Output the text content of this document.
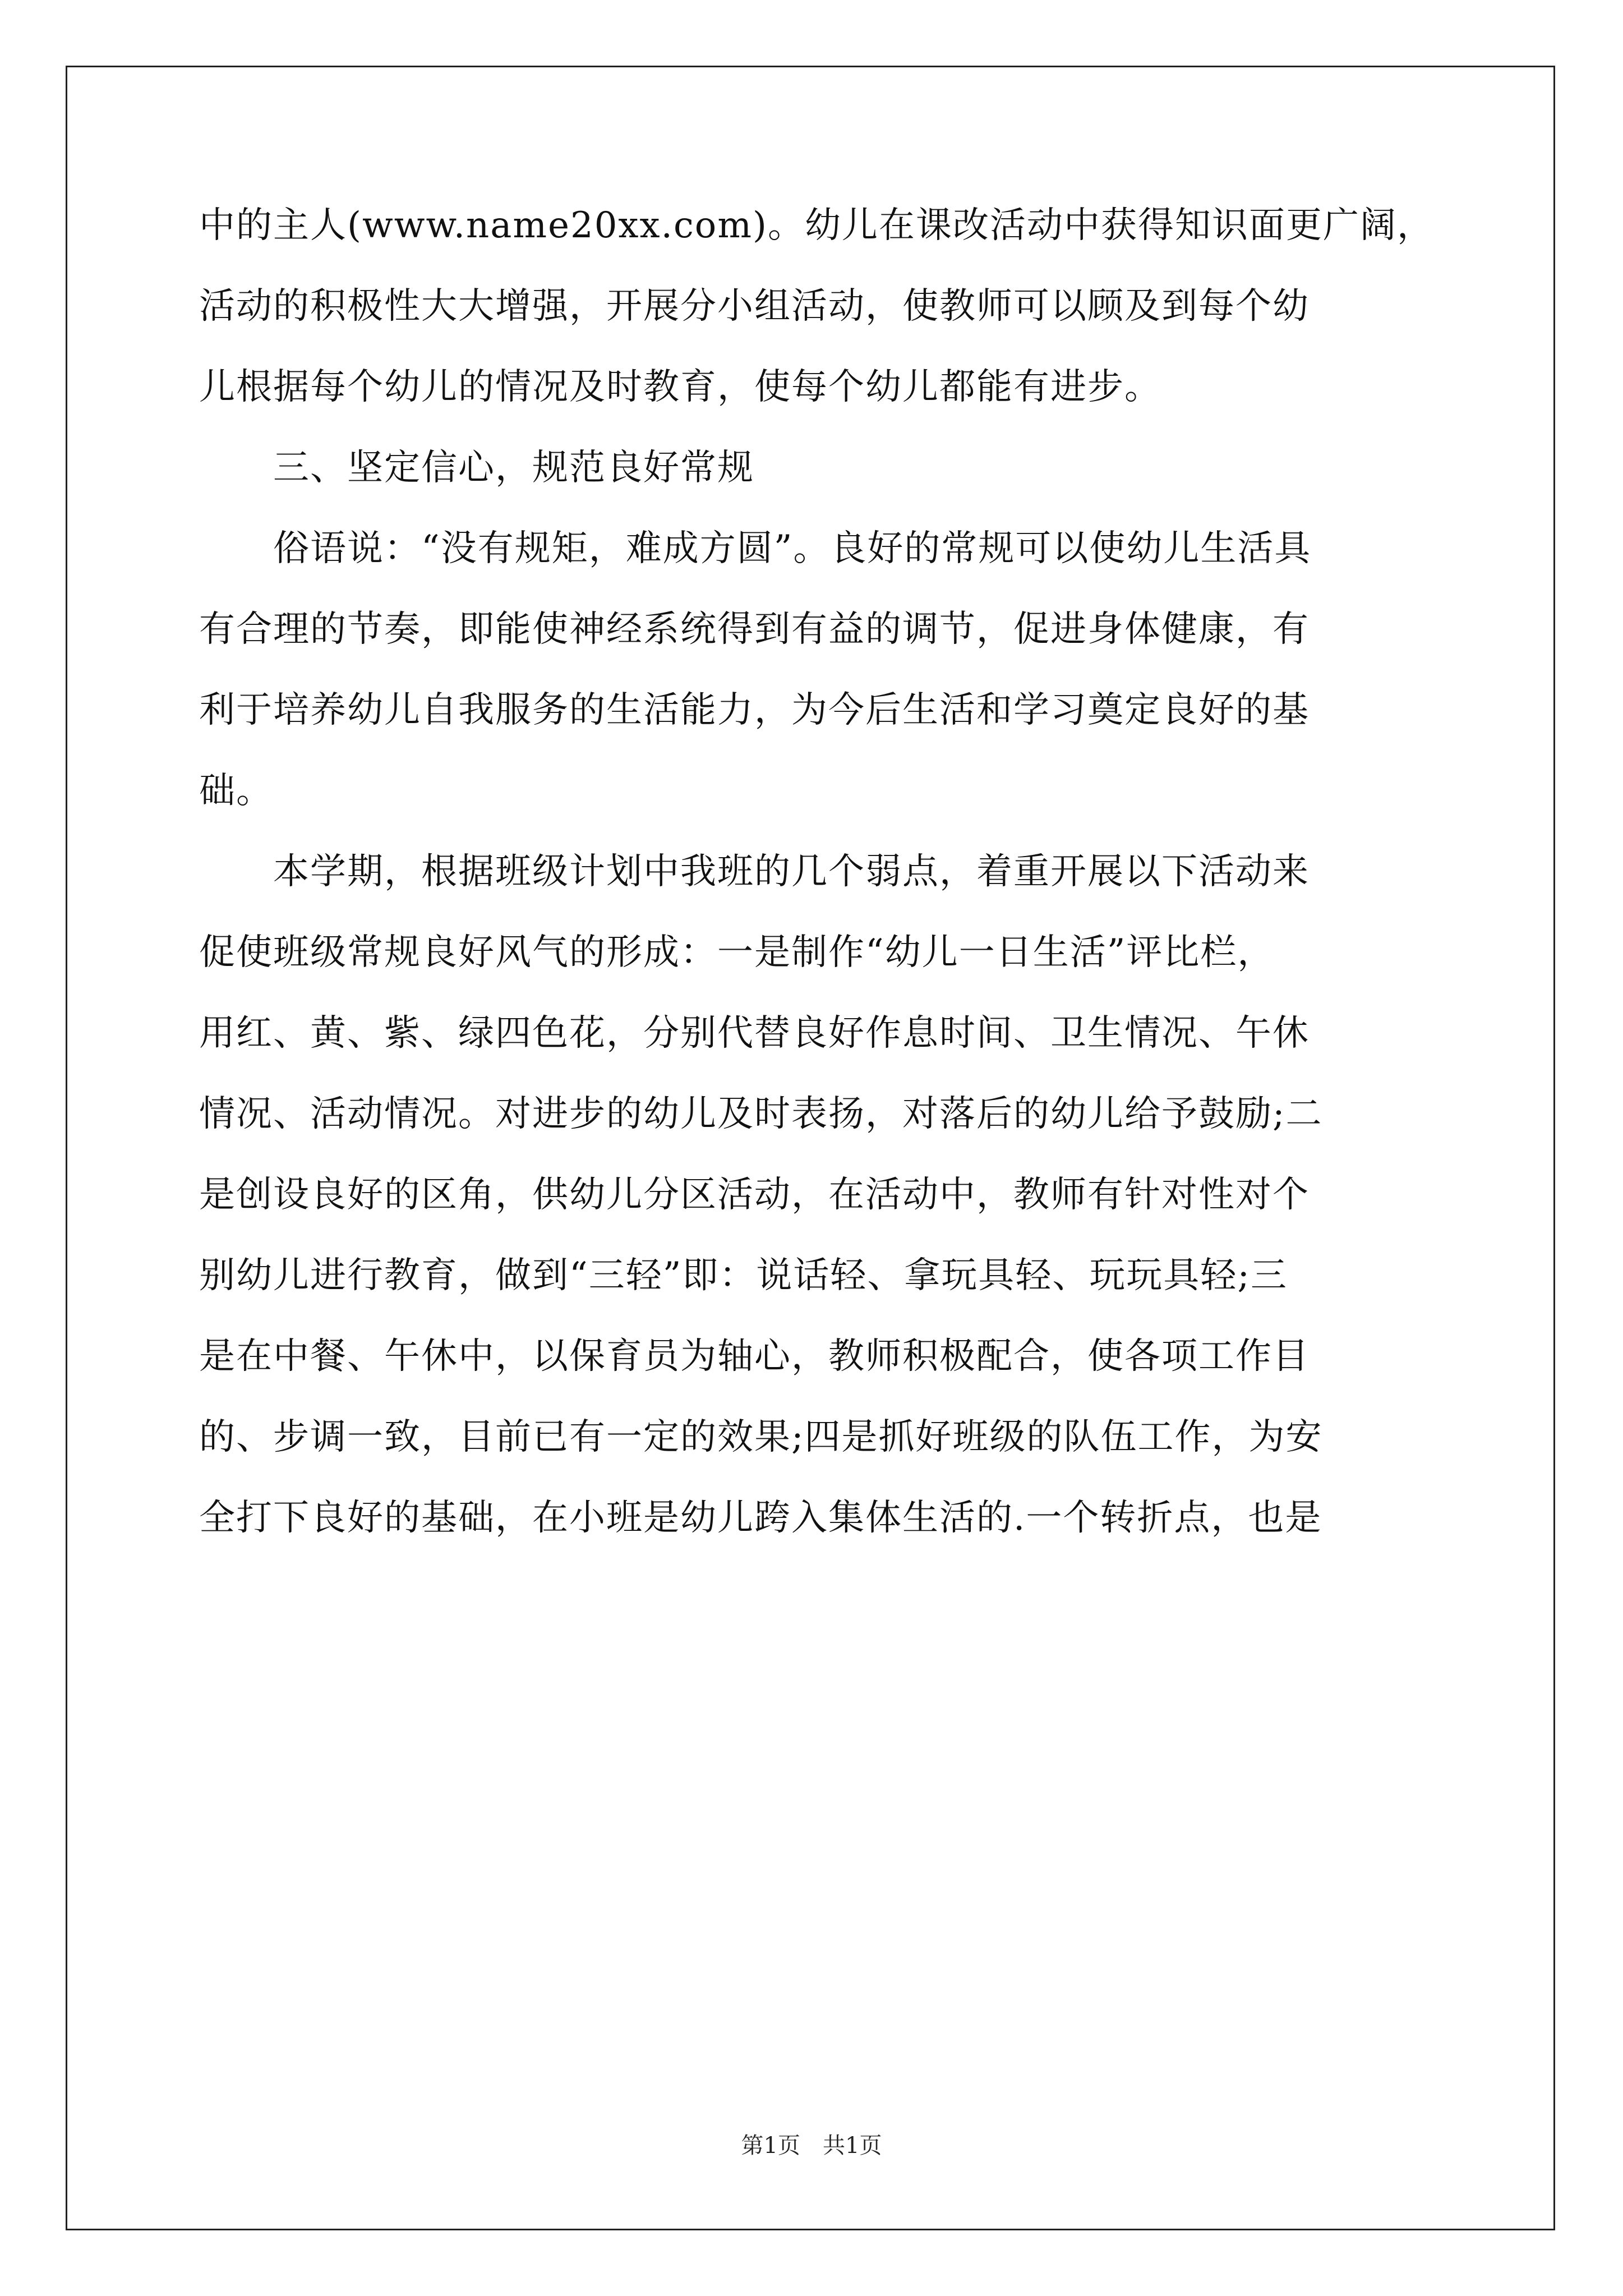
中的主人(www.name20xx.com)。幼儿在课改活动中获得知识面更广阔，
活动的积极性大大增强，开展分小组活动，使教师可以顾及到每个幼
儿根据每个幼儿的情况及时教育，使每个幼儿都能有进步。
　　三、坚定信心，规范良好常规
　　俗语说：“没有规矩，难成方圆”。良好的常规可以使幼儿生活具
有合理的节奏，即能使神经系统得到有益的调节，促进身体健康，有
利于培养幼儿自我服务的生活能力，为今后生活和学习奠定良好的基
础。
　　本学期，根据班级计划中我班的几个弱点，着重开展以下活动来
促使班级常规良好风气的形成：一是制作“幼儿一日生活”评比栏，
用红、黄、紫、绿四色花，分别代替良好作息时间、卫生情况、午休
情况、活动情况。对进步的幼儿及时表扬，对落后的幼儿给予鼓励;二
是创设良好的区角，供幼儿分区活动，在活动中，教师有针对性对个
别幼儿进行教育，做到“三轻”即：说话轻、拿玩具轻、玩玩具轻;三
是在中餐、午休中，以保育员为轴心，教师积极配合，使各项工作目
的、步调一致，目前已有一定的效果;四是抓好班级的队伍工作，为安
全打下良好的基础，在小班是幼儿跨入集体生活的.一个转折点，也是
第1页　共1页
